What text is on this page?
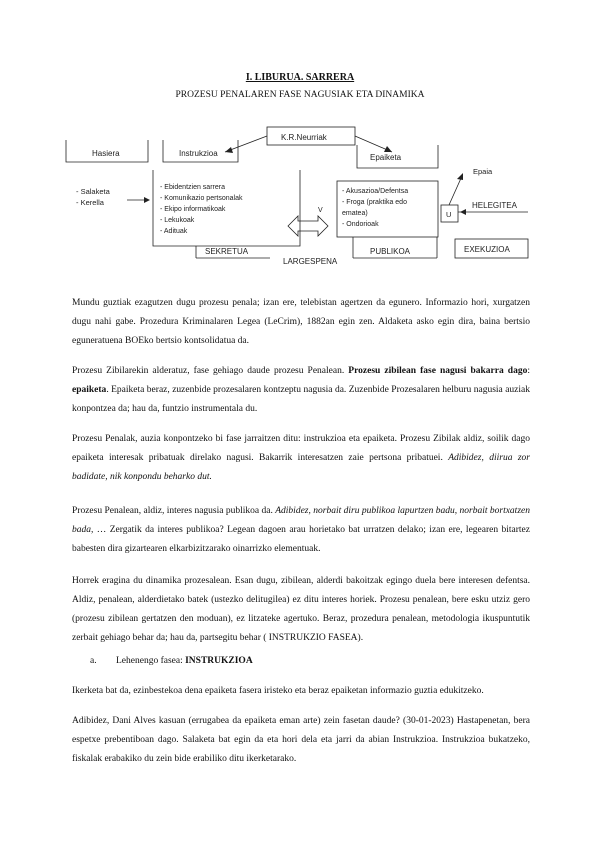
I. LIBURUA. SARRERA
PROZESU PENALAREN FASE NAGUSIAK ETA DINAMIKA
Hasiera	Instrukzioa
K.R.Neurriak
Epaiketa
- Salaketa
- Kerella
- Ebidentzien sarrera
- Komunikazio pertsonalak
- Ekipo informatikoak
- Lekukoak
- Adituak
SEKRETUA
V
LARGESPENA
- Akusazioa/Defentsa
- Froga (praktika edo
ematea)
- Ondorioak
U
Epaia
HELEGITEA
PUBLIKOA	EXEKUZIOA

Mundu guztiak ezagutzen dugu prozesu penala; izan ere, telebistan agertzen da egunero. Informazio hori, xurgatzen dugu nahi gabe. Prozedura Kriminalaren Legea (LeCrim), 1882an egin zen. Aldaketa asko egin dira, baina bertsio eguneratuena BOEko bertsio kontsolidatua da.

Prozesu Zibilarekin alderatuz, fase gehiago daude prozesu Penalean. Prozesu zibilean fase nagusi bakarra dago: epaiketa. Epaiketa beraz, zuzenbide prozesalaren kontzeptu nagusia da. Zuzenbide Prozesalaren helburu nagusia auziak konpontzea da; hau da, funtzio instrumentala du.

Prozesu Penalak, auzia konpontzeko bi fase jarraitzen ditu: instrukzioa eta epaiketa. Prozesu Zibilak aldiz, soilik dago epaiketa interesak pribatuak direlako nagusi. Bakarrik interesatzen zaie pertsona pribatuei. Adibidez, diirua zor badidate, nik konpondu beharko dut.

Prozesu Penalean, aldiz, interes nagusia publikoa da. Adibidez, norbait diru publikoa lapurtzen badu, norbait bortxatzen bada, … Zergatik da interes publikoa? Legean dagoen arau horietako bat urratzen delako; izan ere, legearen bitartez babesten dira gizartearen elkarbizitzarako oinarrizko elementuak.

Horrek eragina du dinamika prozesalean. Esan dugu, zibilean, alderdi bakoitzak egingo duela bere interesen defentsa. Aldiz, penalean, alderdietako batek (ustezko delitugilea) ez ditu interes horiek. Prozesu penalean, bere esku utziz gero (prozesu zibilean gertatzen den moduan), ez litzateke agertuko. Beraz, prozedura penalean, metodologia ikuspuntutik zerbait gehiago behar da; hau da, partsegitu behar ( INSTRUKZIO FASEA).

a. Lehenengo fasea: INSTRUKZIOA

Ikerketa bat da, ezinbestekoa dena epaiketa fasera iristeko eta beraz epaiketan informazio guztia edukitzeko.

Adibidez, Dani Alves kasuan (errugabea da epaiketa eman arte) zein fasetan daude? (30-01-2023) Hastapenetan, bera espetxe prebentiboan dago. Salaketa bat egin da eta hori dela eta jarri da abian Instrukzioa. Instrukzioa bukatzeko, fiskalak erabakiko du zein bide erabiliko ditu ikerketarako.
